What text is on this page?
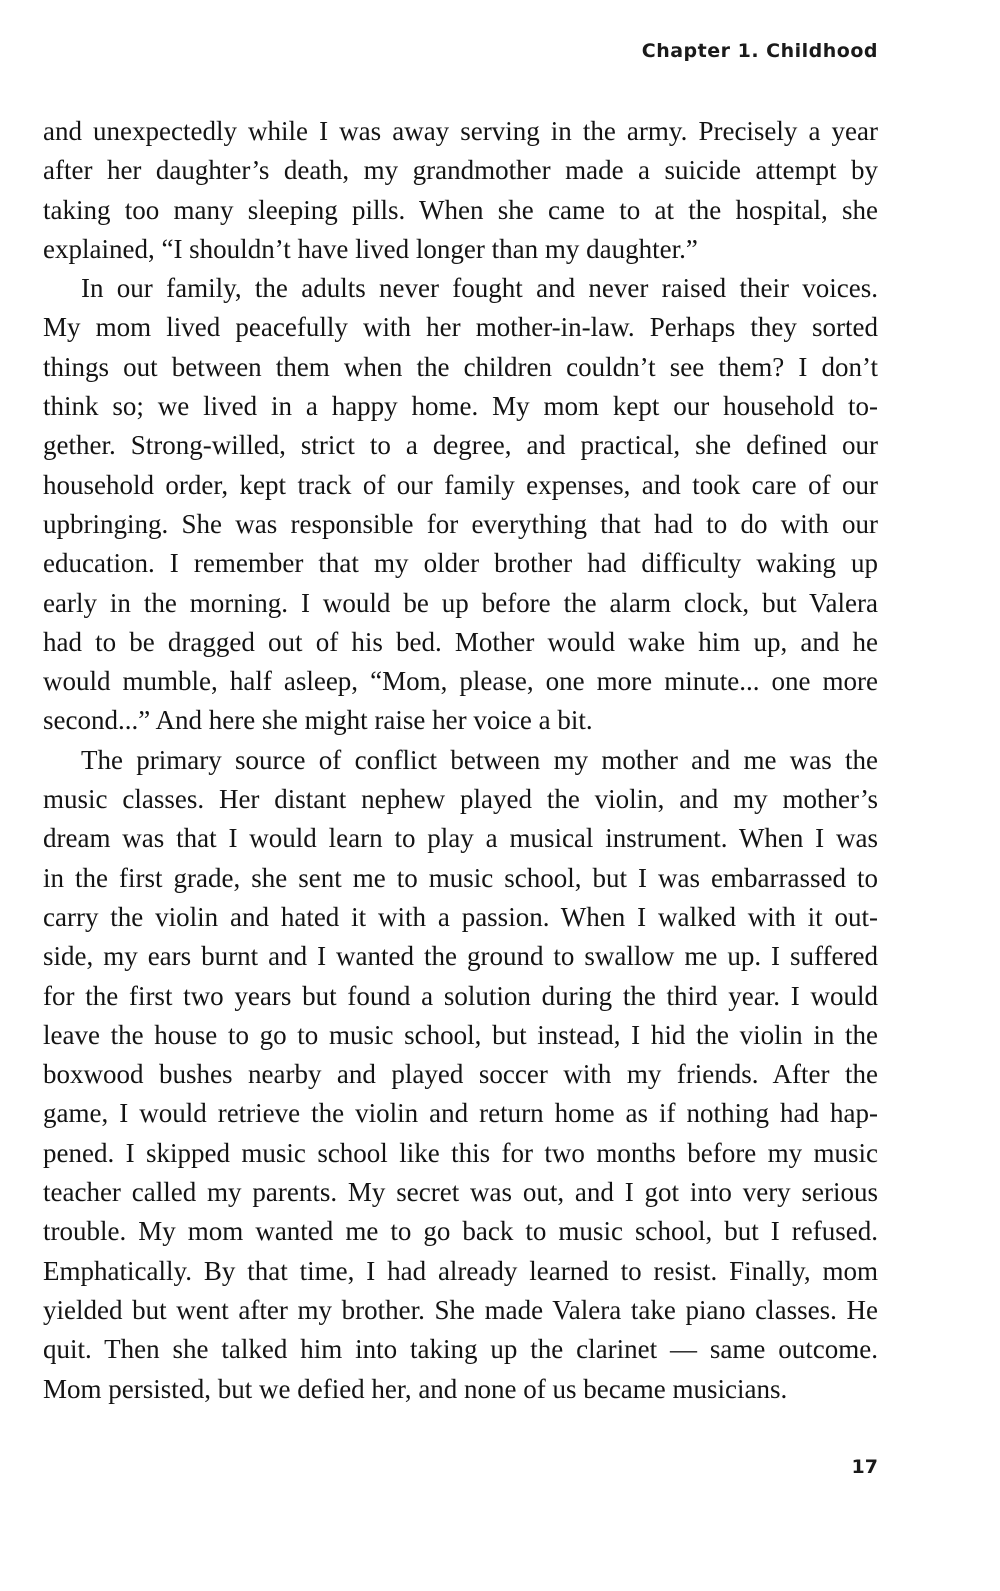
Chapter 1. Childhood

and unexpectedly while I was away serving in the army. Precisely a year
after her daughter’s death, my grandmother made a suicide attempt by
taking too many sleeping pills. When she came to at the hospital, she
explained, “I shouldn’t have lived longer than my daughter.”

In our family, the adults never fought and never raised their voices.
My mom lived peacefully with her mother-in-law. Perhaps they sorted
things out between them when the children couldn’t see them? I don’t
think so; we lived in a happy home. My mom kept our household to-
gether. Strong-willed, strict to a degree, and practical, she defined our
household order, kept track of our family expenses, and took care of our
upbringing. She was responsible for everything that had to do with our
education. I remember that my older brother had difficulty waking up
early in the morning. I would be up before the alarm clock, but Valera
had to be dragged out of his bed. Mother would wake him up, and he
would mumble, half asleep, “Mom, please, one more minute... one more
second...” And here she might raise her voice a bit.

The primary source of conflict between my mother and me was the
music classes. Her distant nephew played the violin, and my mother’s
dream was that I would learn to play a musical instrument. When I was
in the first grade, she sent me to music school, but I was embarrassed to
carry the violin and hated it with a passion. When I walked with it out-
side, my ears burnt and I wanted the ground to swallow me up. I suffered
for the first two years but found a solution during the third year. I would
leave the house to go to music school, but instead, I hid the violin in the
boxwood bushes nearby and played soccer with my friends. After the
game, I would retrieve the violin and return home as if nothing had hap-
pened. I skipped music school like this for two months before my music
teacher called my parents. My secret was out, and I got into very serious
trouble. My mom wanted me to go back to music school, but I refused.
Emphatically. By that time, I had already learned to resist. Finally, mom
yielded but went after my brother. She made Valera take piano classes. He
quit. Then she talked him into taking up the clarinet — same outcome.
Mom persisted, but we defied her, and none of us became musicians.

17
